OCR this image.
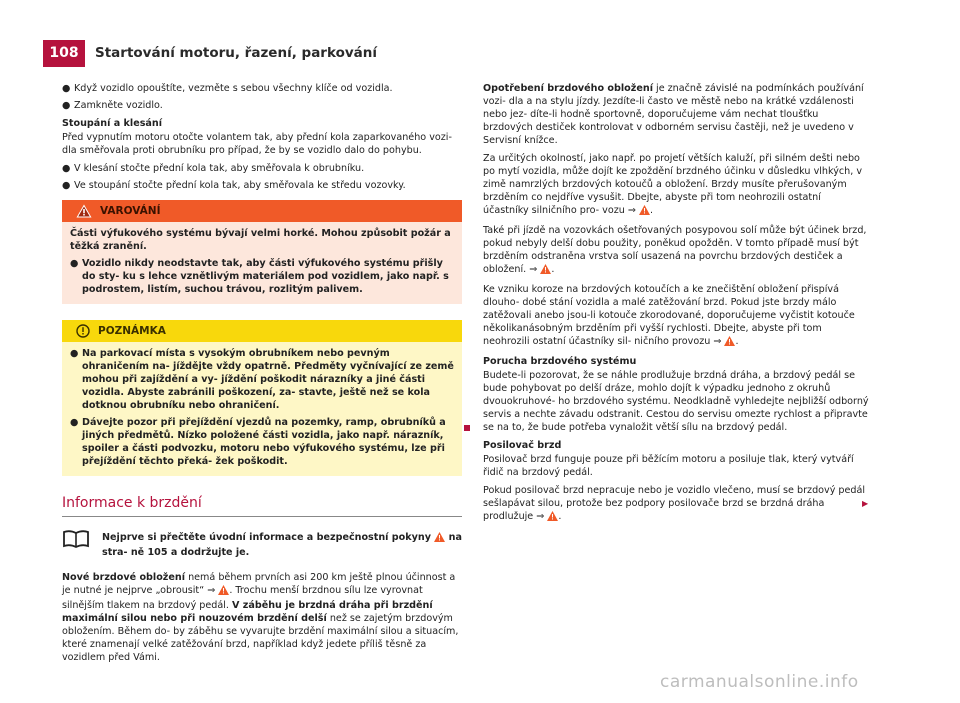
108	Startování motoru, řazení, parkování
● Když vozidlo opouštíte, vezměte s sebou všechny klíče od vozidla.
● Zamkněte vozidlo.
Stoupání a klesání

Před vypnutím motoru otočte volantem tak, aby přední kola zaparkovaného vozi- dla směřovala proti obrubníku pro případ, že by se vozidlo dalo do pohybu.

● V klesání stočte přední kola tak, aby směřovala k obrubníku.
● Ve stoupání stočte přední kola tak, aby směřovala ke středu vozovky.
VAROVÁNÍ

Části výfukového systému bývají velmi horké. Mohou způsobit požár a těžká zranění.

● Vozidlo nikdy neodstavte tak, aby části výfukového systému přišly do sty- ku s lehce vznětlivým materiálem pod vozidlem, jako např. s podrostem, listím, suchou trávou, rozlitým palivem.

POZNÁMKA

● Na parkovací místa s vysokým obrubníkem nebo pevným ohraničením na- jíždějte vždy opatrně. Předměty vyčnívající ze země mohou při zajíždění a vy- jíždění poškodit nárazníky a jiné části vozidla. Abyste zabránili poškození, za- stavte, ještě než se kola dotknou obrubníku nebo ohraničení.

● Dávejte pozor při přejíždění vjezdů na pozemky, ramp, obrubníků a jiných předmětů. Nízko položené části vozidla, jako např. nárazník, spoiler a části podvozku, motoru nebo výfukového systému, lze při přejíždění těchto překá- žek poškodit.

Informace k brzdění
Nejprve si přečtěte úvodní informace a bezpečnostní pokyny na stra- ně 105 a dodržujte je.

Nové brzdové obložení nemá během prvních asi 200 km ještě plnou účinnost a je nutné je nejprve „obrousit“ ⇒ . Trochu menší brzdnou sílu lze vyrovnat silnějším tlakem na brzdový pedál. V záběhu je brzdná dráha při brzdění maximální silou nebo při nouzovém brzdění delší než se zajetým brzdovým obložením. Během do- by záběhu se vyvarujte brzdění maximální silou a situacím, které znamenají velké zatěžování brzd, například když jedete příliš těsně za vozidlem před Vámi.

Opotřebení brzdového obložení je značně závislé na podmínkách používání vozi- dla a na stylu jízdy. Jezdíte-li často ve městě nebo na krátké vzdálenosti nebo jez- díte-li hodně sportovně, doporučujeme vám nechat tloušťku brzdových destiček kontrolovat v odborném servisu častěji, než je uvedeno v Servisní knížce.

Za určitých okolností, jako např. po projetí větších kaluží, při silném dešti nebo po mytí vozidla, může dojít ke zpoždění brzdného účinku v důsledku vlhkých, v zimě namrzlých brzdových kotoučů a obložení. Brzdy musíte přerušovaným brzděním co nejdříve vysušit. Dbejte, abyste při tom neohrozili ostatní účastníky silničního pro- vozu ⇒ .

Také při jízdě na vozovkách ošetřovaných posypovou solí může být účinek brzd, pokud nebyly delší dobu použity, poněkud opožděn. V tomto případě musí být brzděním odstraněna vrstva solí usazená na povrchu brzdových destiček a obložení. ⇒ .

Ke vzniku koroze na brzdových kotoučích a ke znečištění obložení přispívá dlouho- dobé stání vozidla a malé zatěžování brzd. Pokud jste brzdy málo zatěžovali anebo jsou-li kotouče zkorodované, doporučujeme vyčistit kotouče několikanásobným brzděním při vyšší rychlosti. Dbejte, abyste při tom neohrozili ostatní účastníky sil- ničního provozu ⇒ .

Porucha brzdového systému

Budete-li pozorovat, že se náhle prodlužuje brzdná dráha, a brzdový pedál se bude pohybovat po delší dráze, mohlo dojít k výpadku jednoho z okruhů dvouokruhové- ho brzdového systému. Neodkladně vyhledejte nejbližší odborný servis a nechte závadu odstranit. Cestou do servisu omezte rychlost a připravte se na to, že bude potřeba vynaložit větší sílu na brzdový pedál.

Posilovač brzd

Posilovač brzd funguje pouze při běžícím motoru a posiluje tlak, který vytváří řidič na brzdový pedál.

Pokud posilovač brzd nepracuje nebo je vozidlo vlečeno, musí se brzdový pedál sešlapávat silou, protože bez podpory posilovače brzd se brzdná dráha prodlužuje ⇒ .

▶
carmanualsonline.info
